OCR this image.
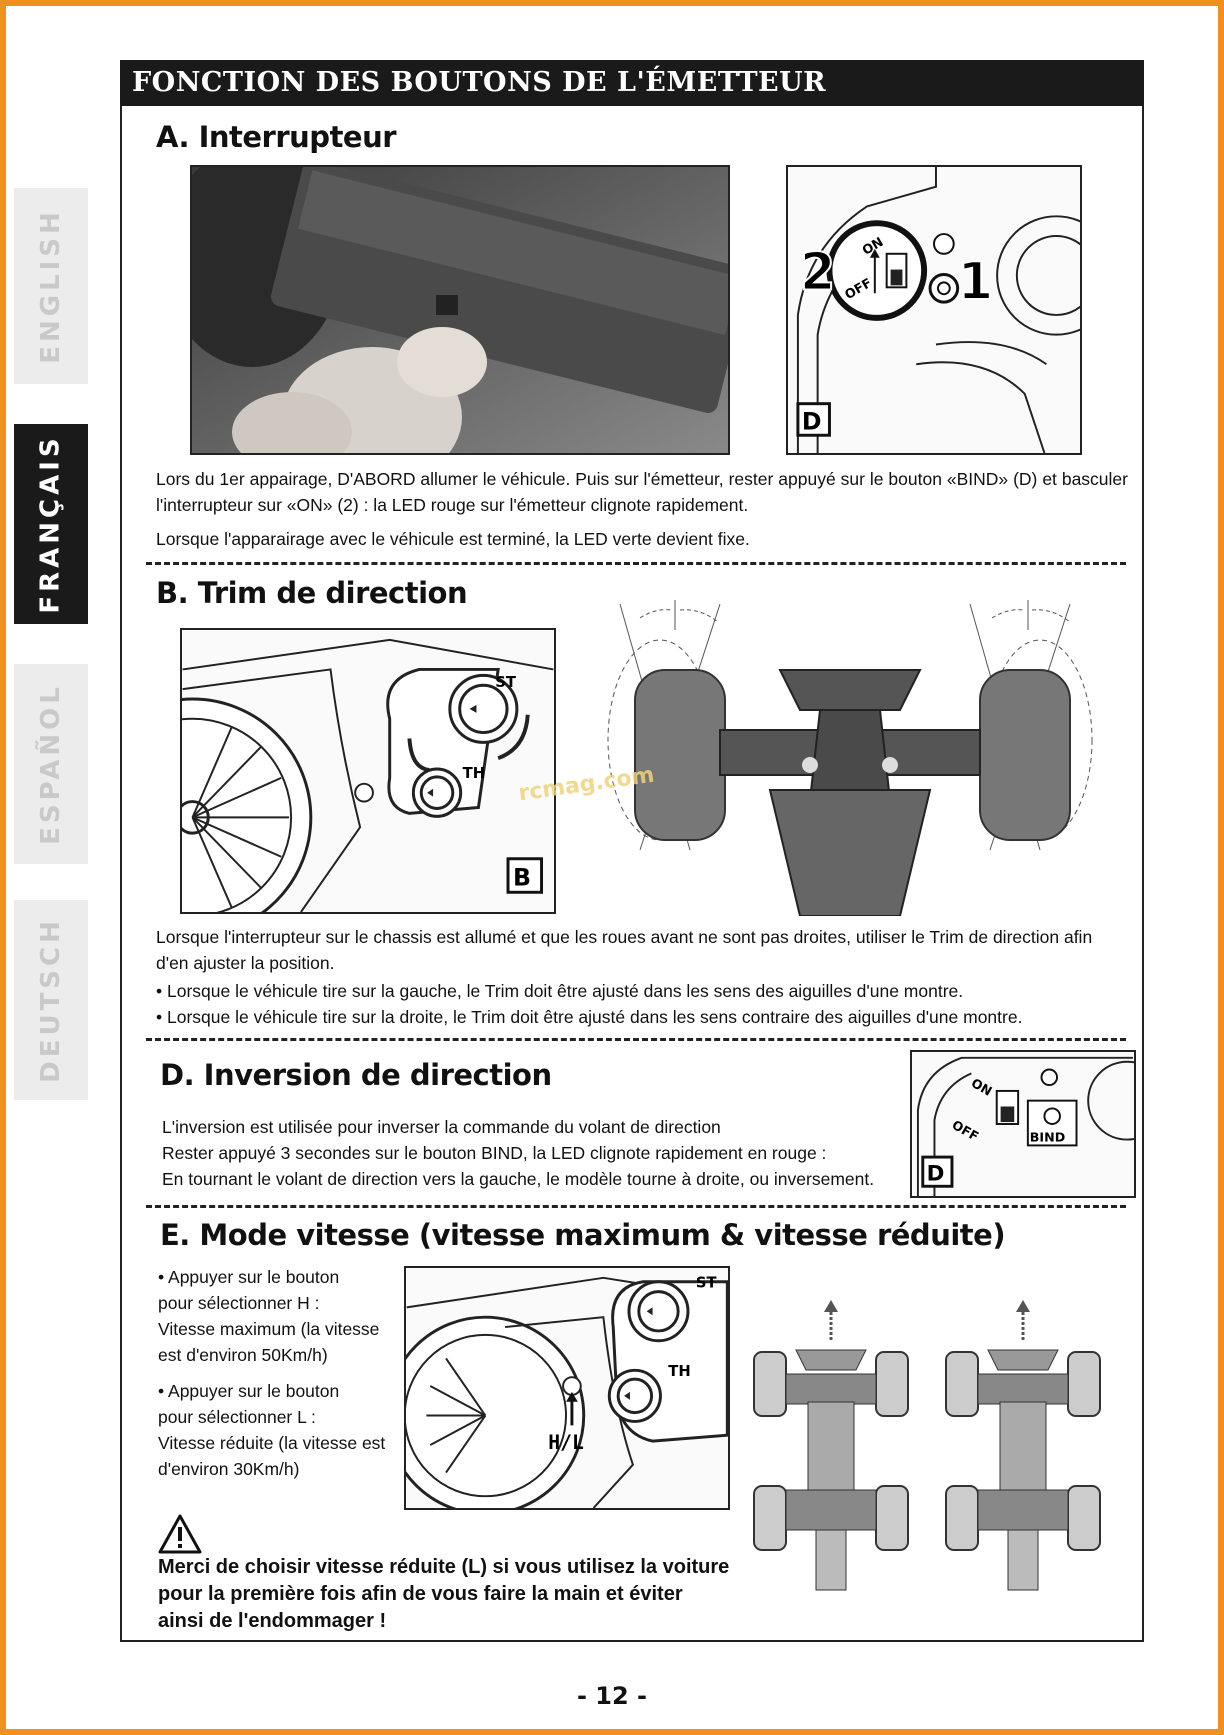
ENGLISH
FRANÇAIS
ESPAÑOL
DEUTSCH
FONCTION DES BOUTONS DE L'ÉMETTEUR
A. Interrupteur
ON
OFF
2 1
D
Lors du 1er appairage, D'ABORD allumer le véhicule. Puis sur l'émetteur, rester appuyé sur le bouton «BIND» (D) et basculer l'interrupteur sur «ON» (2) : la LED rouge sur l'émetteur clignote rapidement.
Lorsque l'apparairage avec le véhicule est terminé, la LED verte devient fixe.
B. Trim de direction
ST
TH
B
rcmag.com
Lorsque l'interrupteur sur le chassis est allumé et que les roues avant ne sont pas droites, utiliser le Trim de direction afin d'en ajuster la position.
• Lorsque le véhicule tire sur la gauche, le Trim doit être ajusté dans les sens des aiguilles d'une montre.
• Lorsque le véhicule tire sur la droite, le Trim doit être ajusté dans les sens contraire des aiguilles d'une montre.
D. Inversion de direction
L'inversion est utilisée pour inverser la commande du volant de direction
Rester appuyé 3 secondes sur le bouton BIND, la LED clignote rapidement en rouge :
En tournant le volant de direction vers la gauche, le modèle tourne à droite, ou inversement.
ON
OFF	BIND
D
E. Mode vitesse (vitesse maximum & vitesse réduite)
• Appuyer sur le bouton
pour sélectionner H :
Vitesse maximum (la vitesse
est d'environ 50Km/h)
• Appuyer sur le bouton
pour sélectionner L :
Vitesse réduite (la vitesse est
d'environ 30Km/h)
ST
TH
H/L
Merci de choisir vitesse réduite (L) si vous utilisez la voiture
pour la première fois afin de vous faire la main et éviter
ainsi de l'endommager !
- 12 -
